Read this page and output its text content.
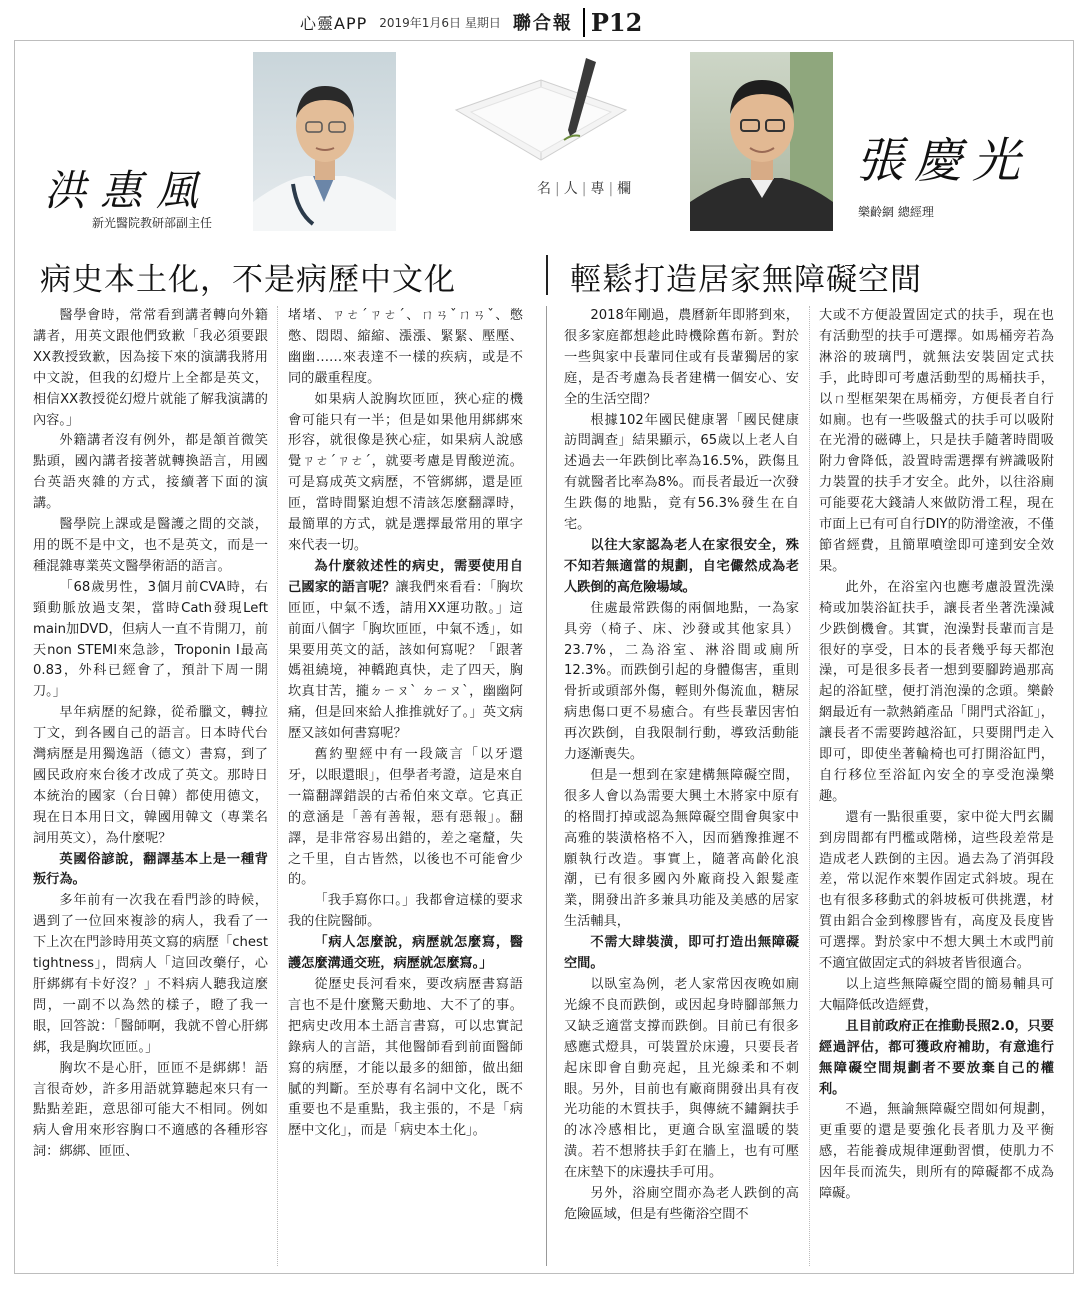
心靈APP 2019年1月6日 星期日 聯合報 P12
洪惠風
新光醫院教研部副主任
名 | 人 | 專 | 欄	張慶光
樂齡網 總經理
病史本土化，不是病歷中文化	輕鬆打造居家無障礙空間

醫學會時，常常看到講者轉向外籍講者，用英文跟他們致歉「我必須要跟XX教授致歉，因為接下來的演講我將用中文說，但我的幻燈片上全都是英文，相信XX教授從幻燈片就能了解我演講的內容。」

外籍講者沒有例外，都是頷首微笑點頭，國內講者接著就轉換語言，用國台英語夾雜的方式，接續著下面的演講。

醫學院上課或是醫護之間的交談，用的既不是中文，也不是英文，而是一種混雜專業英文醫學術語的語言。

「68歲男性，3個月前CVA時，右頸動脈放過支架，當時Cath發現Left main加DVD，但病人一直不肯開刀，前天non STEMI來急診，Troponin I最高0.83，外科已經會了，預計下周一開刀。」

早年病歷的紀錄，從希臘文，轉拉丁文，到各國自己的語言。日本時代台灣病歷是用獨逸語（德文）書寫，到了國民政府來台後才改成了英文。那時日本統治的國家（台日韓）都使用德文，現在日本用日文，韓國用韓文（專業名詞用英文），為什麼呢？

英國俗諺說，翻譯基本上是一種背叛行為。

多年前有一次我在看門診的時候，遇到了一位回來複診的病人，我看了一下上次在門診時用英文寫的病歷「chest tightness」，問病人「這回改藥仔，心肝綁綁有卡好沒？」不料病人聽我這麼問，一副不以為然的樣子，瞪了我一眼，回答說：「醫師啊，我就不曾心肝綁綁，我是胸坎匝匝。」

胸坎不是心肝，匝匝不是綁綁！語言很奇妙，許多用語就算聽起來只有一點點差距，意思卻可能大不相同。例如病人會用來形容胸口不適感的各種形容詞：綁綁、匝匝、

堵堵、ㄗㄜˊㄗㄜˊ、ㄇㄢˇㄇㄢˇ、憋憋、悶悶、縮縮、漲漲、緊緊、壓壓、幽幽……來表達不一樣的疾病，或是不同的嚴重程度。

如果病人說胸坎匝匝，狹心症的機會可能只有一半；但是如果他用綁綁來形容，就很像是狹心症，如果病人說感覺ㄗㄜˊㄗㄜˊ，就要考慮是胃酸逆流。可是寫成英文病歷，不管綁綁，還是匝匝，當時間緊迫想不清該怎麼翻譯時，最簡單的方式，就是選擇最常用的單字來代表一切。

為什麼敘述性的病史，需要使用自己國家的語言呢？讓我們來看看：「胸坎匝匝，中氣不透，請用XX運功散。」這前面八個字「胸坎匝匝，中氣不透」，如果要用英文的話，該如何寫呢？「跟著媽祖繞境，神轎跑真快，走了四天，胸坎真甘苦，攏ㄉㄧㄡˋ ㄉㄧㄡˋ，幽幽阿痛，但是回來給人推推就好了。」英文病歷又該如何書寫呢？

舊約聖經中有一段箴言「以牙還牙，以眼還眼」，但學者考證，這是來自一篇翻譯錯誤的古希伯來文章。它真正的意涵是「善有善報，惡有惡報」。翻譯，是非常容易出錯的，差之毫釐，失之千里，自古皆然，以後也不可能會少的。

「我手寫你口。」我都會這樣的要求我的住院醫師。

「病人怎麼說，病歷就怎麼寫，醫護怎麼溝通交班，病歷就怎麼寫。」

從歷史長河看來，要改病歷書寫語言也不是什麼驚天動地、大不了的事。把病史改用本土語言書寫，可以忠實記錄病人的言語，其他醫師看到前面醫師寫的病歷，才能以最多的細節，做出細膩的判斷。至於專有名詞中文化，既不重要也不是重點，我主張的，不是「病歷中文化」，而是「病史本土化」。

2018年剛過，農曆新年即將到來，很多家庭都想趁此時機除舊布新。對於一些與家中長輩同住或有長輩獨居的家庭，是否考慮為長者建構一個安心、安全的生活空間？

根據102年國民健康署「國民健康訪問調查」結果顯示，65歲以上老人自述過去一年跌倒比率為16.5%，跌傷且有就醫者比率為8%。而長者最近一次發生跌傷的地點，竟有56.3%發生在自宅。

以往大家認為老人在家很安全，殊不知若無適當的規劃，自宅儼然成為老人跌倒的高危險場域。

住處最常跌傷的兩個地點，一為家具旁（椅子、床、沙發或其他家具）23.7%，二為浴室、淋浴間或廁所12.3%。而跌倒引起的身體傷害，重則骨折或頭部外傷，輕則外傷流血，糖尿病患傷口更不易癒合。有些長輩因害怕再次跌倒，自我限制行動，導致活動能力逐漸喪失。

但是一想到在家建構無障礙空間，很多人會以為需要大興土木將家中原有的格間打掉或認為無障礙空間會與家中高雅的裝潢格格不入，因而猶豫推遲不願執行改造。事實上，隨著高齡化浪潮，已有很多國內外廠商投入銀髮產業，開發出許多兼具功能及美感的居家生活輔具，

不需大肆裝潢，即可打造出無障礙空間。

以臥室為例，老人家常因夜晚如廁光線不良而跌倒，或因起身時腳部無力又缺乏適當支撐而跌倒。目前已有很多感應式燈具，可裝置於床邊，只要長者起床即會自動亮起，且光線柔和不刺眼。另外，目前也有廠商開發出具有夜光功能的木質扶手，與傳統不鏽鋼扶手的冰冷感相比，更適合臥室溫暖的裝潢。若不想將扶手釘在牆上，也有可壓在床墊下的床邊扶手可用。

另外，浴廁空間亦為老人跌倒的高危險區域，但是有些衛浴空間不

大或不方便設置固定式的扶手，現在也有活動型的扶手可選擇。如馬桶旁若為淋浴的玻璃門，就無法安裝固定式扶手，此時即可考慮活動型的馬桶扶手，以ㄇ型框架架在馬桶旁，方便長者自行如廁。也有一些吸盤式的扶手可以吸附在光滑的磁磚上，只是扶手隨著時間吸附力會降低，設置時需選擇有辨識吸附力裝置的扶手才安全。此外，以往浴廁可能要花大錢請人來做防滑工程，現在市面上已有可自行DIY的防滑塗液，不僅節省經費，且簡單噴塗即可達到安全效果。

此外，在浴室內也應考慮設置洗澡椅或加裝浴缸扶手，讓長者坐著洗澡減少跌倒機會。其實，泡澡對長輩而言是很好的享受，日本的長者幾乎每天都泡澡，可是很多長者一想到要腳跨過那高起的浴缸壁，便打消泡澡的念頭。樂齡網最近有一款熱銷產品「開門式浴缸」，讓長者不需要跨越浴缸，只要開門走入即可，即使坐著輪椅也可打開浴缸門，自行移位至浴缸內安全的享受泡澡樂趣。

還有一點很重要，家中從大門玄關到房間都有門檻或階梯，這些段差常是造成老人跌倒的主因。過去為了消弭段差，常以泥作來製作固定式斜坡。現在也有很多移動式的斜坡板可供挑選，材質由鋁合金到橡膠皆有，高度及長度皆可選擇。對於家中不想大興土木或門前不適宜做固定式的斜坡者皆很適合。

以上這些無障礙空間的簡易輔具可大幅降低改造經費，

且目前政府正在推動長照2.0，只要經過評估，都可獲政府補助，有意進行無障礙空間規劃者不要放棄自己的權利。

不過，無論無障礙空間如何規劃，更重要的還是要強化長者肌力及平衡感，若能養成規律運動習慣，使肌力不因年長而流失，則所有的障礙都不成為障礙。
